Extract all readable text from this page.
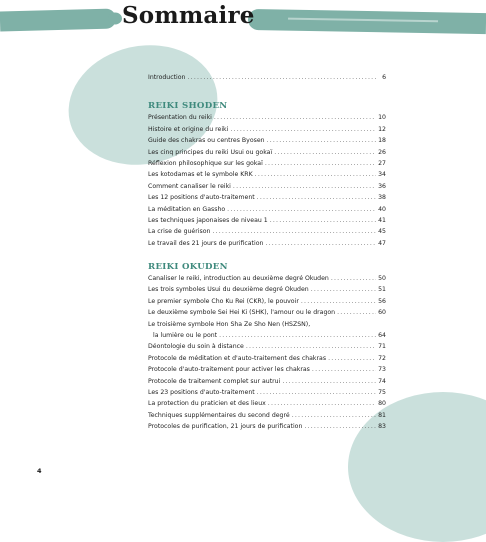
Sommaire
Introduction .....	6
REIKI SHODEN
Présentation du reiki .....	10
Histoire et origine du reiki .....	12
Guide des chakras ou centres Byosen .....	18
Les cinq principes du reiki Usui ou gokaï .....	26
Réflexion philosophique sur les gokaï .....	27
Les kotodamas et le symbole KRK .....	34
Comment canaliser le reiki .....	36
Les 12 positions d'auto-traitement .....	38
La méditation en Gassho .....	40
Les techniques japonaises de niveau 1 .....	41
La crise de guérison .....	45
Le travail des 21 jours de purification .....	47
REIKI OKUDEN
Canaliser le reiki, introduction au deuxième degré Okuden .....	50
Les trois symboles Usui du deuxième degré Okuden .....	51
Le premier symbole Cho Ku Rei (CKR), le pouvoir .....	56
Le deuxième symbole Sei Hei Ki (SHK), l'amour ou le dragon .....	60
Le troisième symbole Hon Sha Ze Sho Nen (HSZSN),
la lumière ou le pont .....	64
Déontologie du soin à distance .....	71
Protocole de méditation et d'auto-traitement des chakras .....	72
Protocole d'auto-traitement pour activer les chakras .....	73
Protocole de traitement complet sur autrui .....	74
Les 23 positions d'auto-traitement .....	75
La protection du praticien et des lieux .....	80
Techniques supplémentaires du second degré .....	81
Protocoles de purification, 21 jours de purification .....	83
4
